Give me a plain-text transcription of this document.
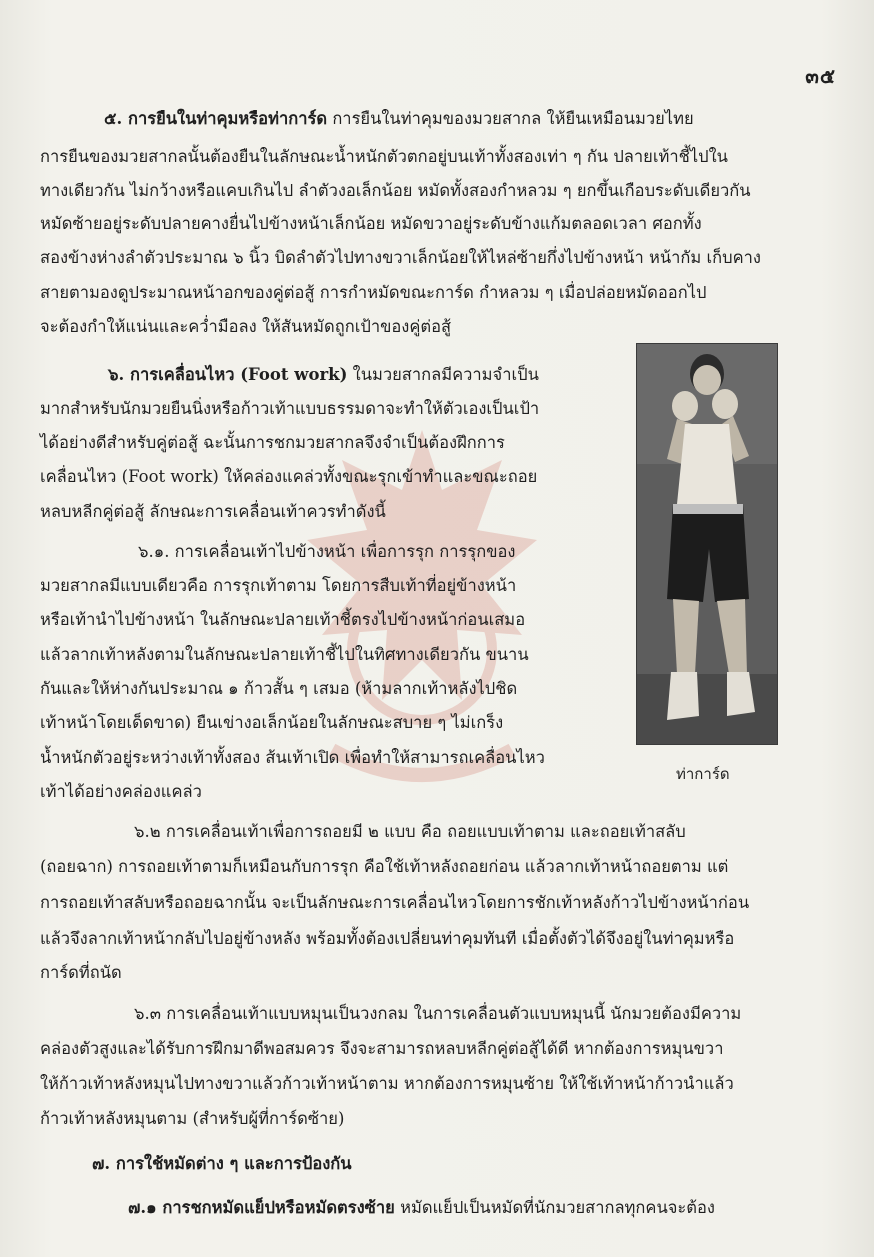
๓๕
๕. การยืนในท่าคุมหรือท่าการ์ด การยืนในท่าคุมของมวยสากล ให้ยืนเหมือนมวยไทย
การยืนของมวยสากลนั้นต้องยืนในลักษณะน้ำหนักตัวตกอยู่บนเท้าทั้งสองเท่า ๆ กัน ปลายเท้าชี้ไปใน
ทางเดียวกัน ไม่กว้างหรือแคบเกินไป ลำตัวงอเล็กน้อย หมัดทั้งสองกำหลวม ๆ ยกขึ้นเกือบระดับเดียวกัน
หมัดซ้ายอยู่ระดับปลายคางยื่นไปข้างหน้าเล็กน้อย หมัดขวาอยู่ระดับข้างแก้มตลอดเวลา ศอกทั้ง
สองข้างห่างลำตัวประมาณ ๖ นิ้ว บิดลำตัวไปทางขวาเล็กน้อยให้ไหล่ซ้ายกึ่งไปข้างหน้า หน้ากัม เก็บคาง
สายตามองดูประมาณหน้าอกของคู่ต่อสู้ การกำหมัดขณะการ์ด กำหลวม ๆ เมื่อปล่อยหมัดออกไป
จะต้องกำให้แน่นและคว่ำมือลง ให้สันหมัดถูกเป้าของคู่ต่อสู้
๖. การเคลื่อนไหว (Foot work) ในมวยสากลมีความจำเป็น
มากสำหรับนักมวยยืนนิ่งหรือก้าวเท้าแบบธรรมดาจะทำให้ตัวเองเป็นเป้า
ได้อย่างดีสำหรับคู่ต่อสู้ ฉะนั้นการชกมวยสากลจึงจำเป็นต้องฝึกการ
เคลื่อนไหว (Foot work) ให้คล่องแคล่วทั้งขณะรุกเข้าทำและขณะถอย
หลบหลีกคู่ต่อสู้ ลักษณะการเคลื่อนเท้าควรทำดังนี้
๖.๑. การเคลื่อนเท้าไปข้างหน้า เพื่อการรุก การรุกของ
มวยสากลมีแบบเดียวคือ การรุกเท้าตาม โดยการสืบเท้าที่อยู่ข้างหน้า
หรือเท้านำไปข้างหน้า ในลักษณะปลายเท้าชี้ตรงไปข้างหน้าก่อนเสมอ
แล้วลากเท้าหลังตามในลักษณะปลายเท้าชี้ไปในทิศทางเดียวกัน ขนาน
กันและให้ห่างกันประมาณ ๑ ก้าวสั้น ๆ เสมอ (ห้ามลากเท้าหลังไปชิด
เท้าหน้าโดยเด็ดขาด) ยืนเข่างอเล็กน้อยในลักษณะสบาย ๆ ไม่เกร็ง
น้ำหนักตัวอยู่ระหว่างเท้าทั้งสอง ส้นเท้าเปิด เพื่อทำให้สามารถเคลื่อนไหว
เท้าได้อย่างคล่องแคล่ว
ท่าการ์ด
๖.๒ การเคลื่อนเท้าเพื่อการถอยมี ๒ แบบ คือ ถอยแบบเท้าตาม และถอยเท้าสลับ
(ถอยฉาก) การถอยเท้าตามก็เหมือนกับการรุก คือใช้เท้าหลังถอยก่อน แล้วลากเท้าหน้าถอยตาม แต่
การถอยเท้าสลับหรือถอยฉากนั้น จะเป็นลักษณะการเคลื่อนไหวโดยการชักเท้าหลังก้าวไปข้างหน้าก่อน
แล้วจึงลากเท้าหน้ากลับไปอยู่ข้างหลัง พร้อมทั้งต้องเปลี่ยนท่าคุมทันที เมื่อตั้งตัวได้จึงอยู่ในท่าคุมหรือ
การ์ดที่ถนัด
๖.๓ การเคลื่อนเท้าแบบหมุนเป็นวงกลม ในการเคลื่อนตัวแบบหมุนนี้ นักมวยต้องมีความ
คล่องตัวสูงและได้รับการฝึกมาดีพอสมควร จึงจะสามารถหลบหลีกคู่ต่อสู้ได้ดี หากต้องการหมุนขวา
ให้ก้าวเท้าหลังหมุนไปทางขวาแล้วก้าวเท้าหน้าตาม หากต้องการหมุนซ้าย ให้ใช้เท้าหน้าก้าวนำแล้ว
ก้าวเท้าหลังหมุนตาม (สำหรับผู้ที่การ์ดซ้าย)
๗. การใช้หมัดต่าง ๆ และการป้องกัน
๗.๑ การชกหมัดแย็ปหรือหมัดตรงซ้าย หมัดแย็ปเป็นหมัดที่นักมวยสากลทุกคนจะต้อง
